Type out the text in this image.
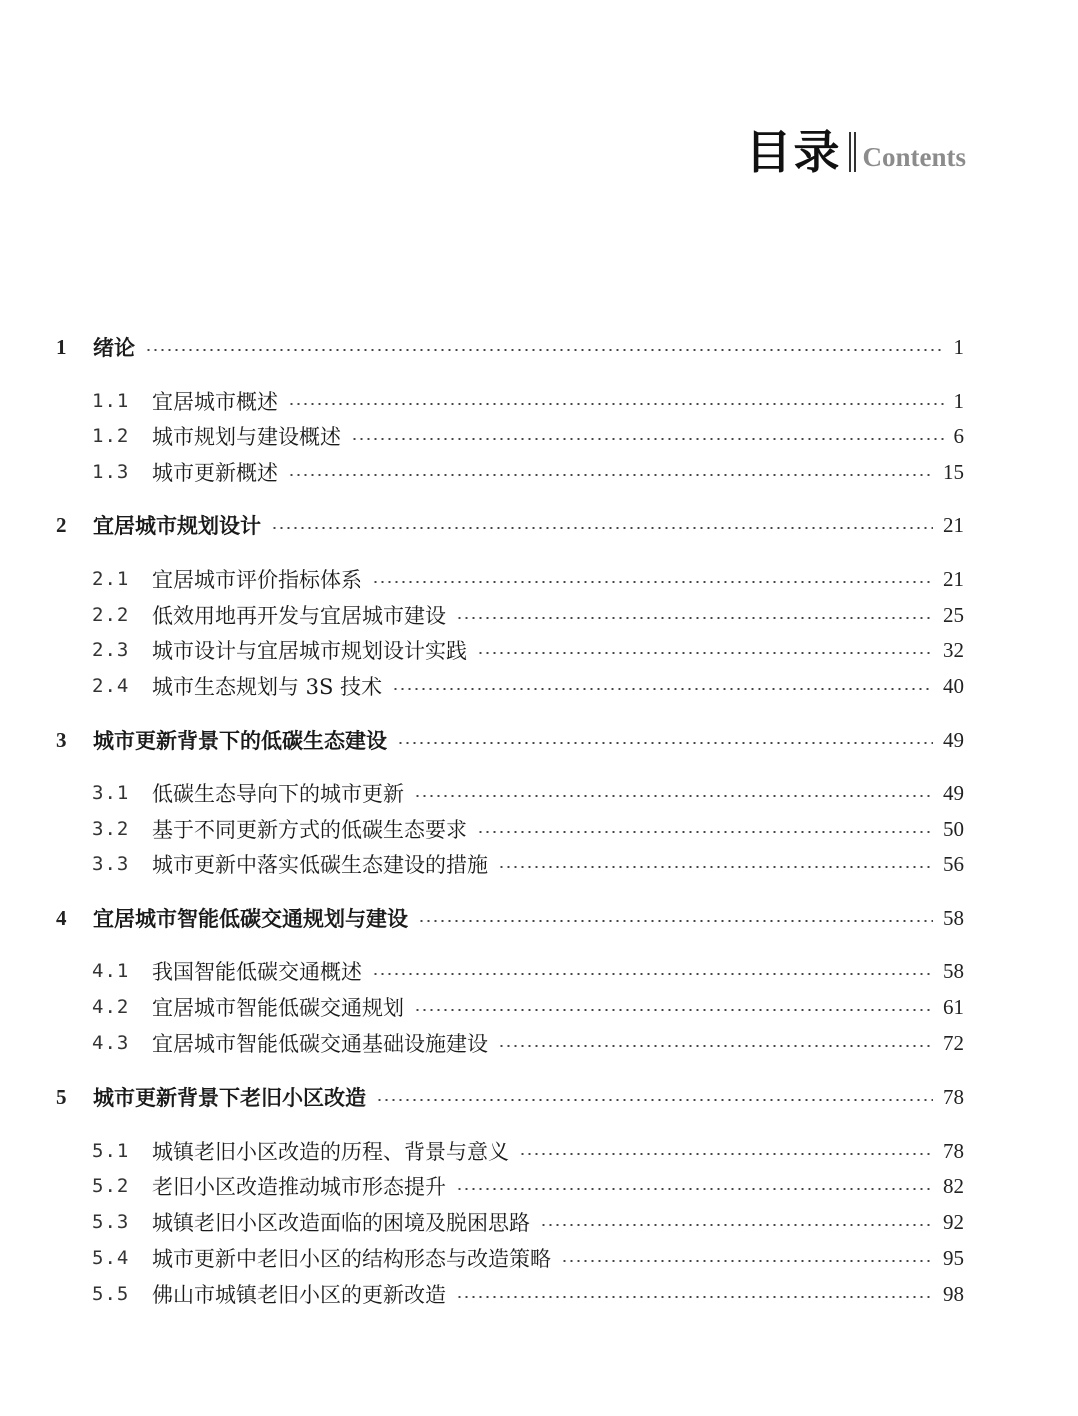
目录 Contents
1 绪论	1
1.1 宜居城市概述	1
1.2 城市规划与建设概述	6
1.3 城市更新概述	15
2 宜居城市规划设计	21
2.1 宜居城市评价指标体系	21
2.2 低效用地再开发与宜居城市建设	25
2.3 城市设计与宜居城市规划设计实践	32
2.4 城市生态规划与 3S 技术	40
3 城市更新背景下的低碳生态建设	49
3.1 低碳生态导向下的城市更新	49
3.2 基于不同更新方式的低碳生态要求	50
3.3 城市更新中落实低碳生态建设的措施	56
4 宜居城市智能低碳交通规划与建设	58
4.1 我国智能低碳交通概述	58
4.2 宜居城市智能低碳交通规划	61
4.3 宜居城市智能低碳交通基础设施建设	72
5 城市更新背景下老旧小区改造	78
5.1 城镇老旧小区改造的历程、背景与意义	78
5.2 老旧小区改造推动城市形态提升	82
5.3 城镇老旧小区改造面临的困境及脱困思路	92
5.4 城市更新中老旧小区的结构形态与改造策略	95
5.5 佛山市城镇老旧小区的更新改造	98
